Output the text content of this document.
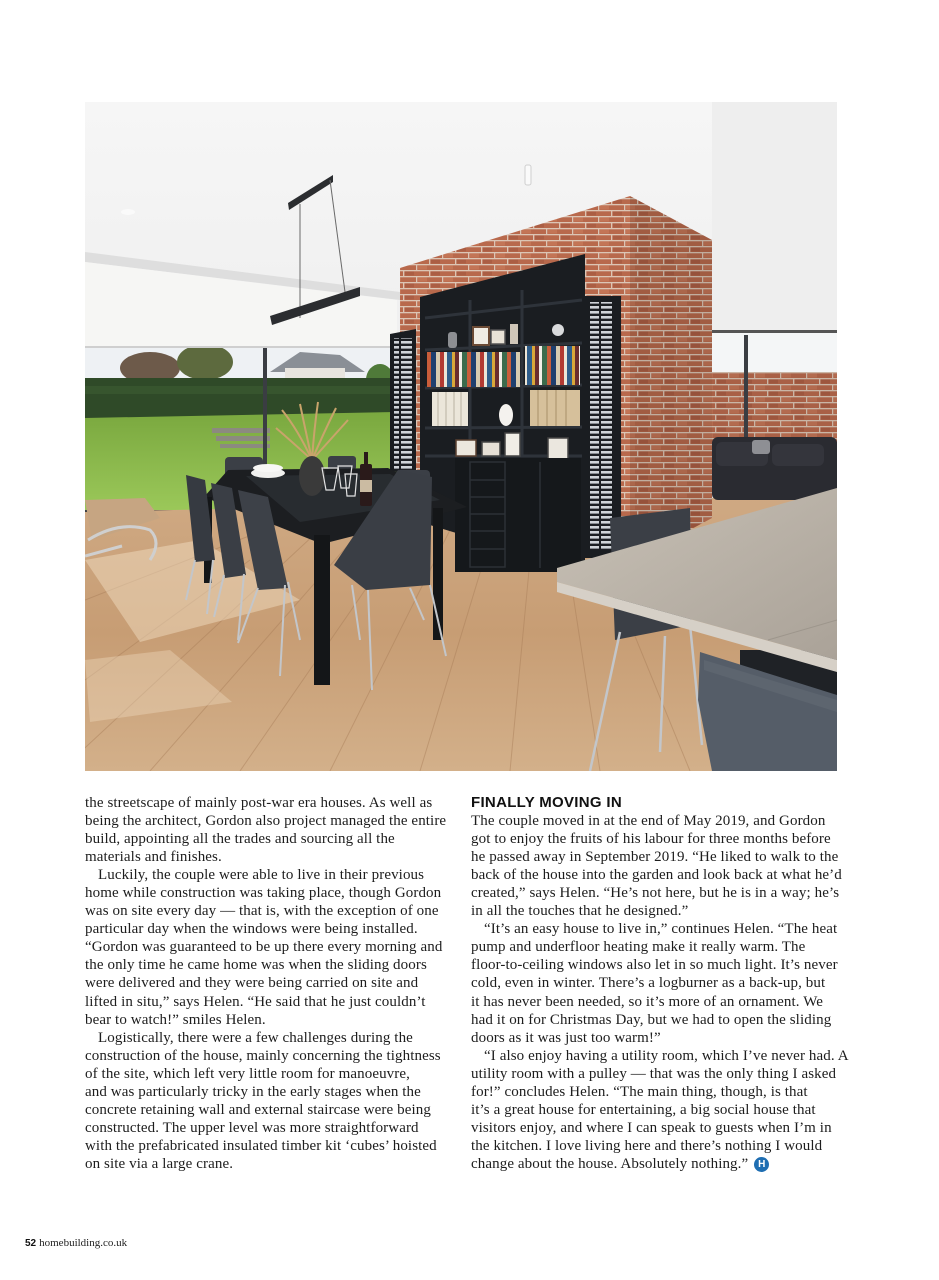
the streetscape of mainly post-war era houses. As well as
being the architect, Gordon also project managed the entire
build, appointing all the trades and sourcing all the
materials and finishes.
Luckily, the couple were able to live in their previous
home while construction was taking place, though Gordon
was on site every day — that is, with the exception of one
particular day when the windows were being installed.
“Gordon was guaranteed to be up there every morning and
the only time he came home was when the sliding doors
were delivered and they were being carried on site and
lifted in situ,” says Helen. “He said that he just couldn’t
bear to watch!” smiles Helen.
Logistically, there were a few challenges during the
construction of the house, mainly concerning the tightness
of the site, which left very little room for manoeuvre,
and was particularly tricky in the early stages when the
concrete retaining wall and external staircase were being
constructed. The upper level was more straightforward
with the prefabricated insulated timber kit ‘cubes’ hoisted
on site via a large crane.
FINALLY MOVING IN
The couple moved in at the end of May 2019, and Gordon
got to enjoy the fruits of his labour for three months before
he passed away in September 2019. “He liked to walk to the
back of the house into the garden and look back at what he’d
created,” says Helen. “He’s not here, but he is in a way; he’s
in all the touches that he designed.”
“It’s an easy house to live in,” continues Helen. “The heat
pump and underfloor heating make it really warm. The
floor-to-ceiling windows also let in so much light. It’s never
cold, even in winter. There’s a logburner as a back-up, but
it has never been needed, so it’s more of an ornament. We
had it on for Christmas Day, but we had to open the sliding
doors as it was just too warm!”
“I also enjoy having a utility room, which I’ve never had. A
utility room with a pulley — that was the only thing I asked
for!” concludes Helen. “The main thing, though, is that
it’s a great house for entertaining, a big social house that
visitors enjoy, and where I can speak to guests when I’m in
the kitchen. I love living here and there’s nothing I would
change about the house. Absolutely nothing.” H
52 homebuilding.co.uk
